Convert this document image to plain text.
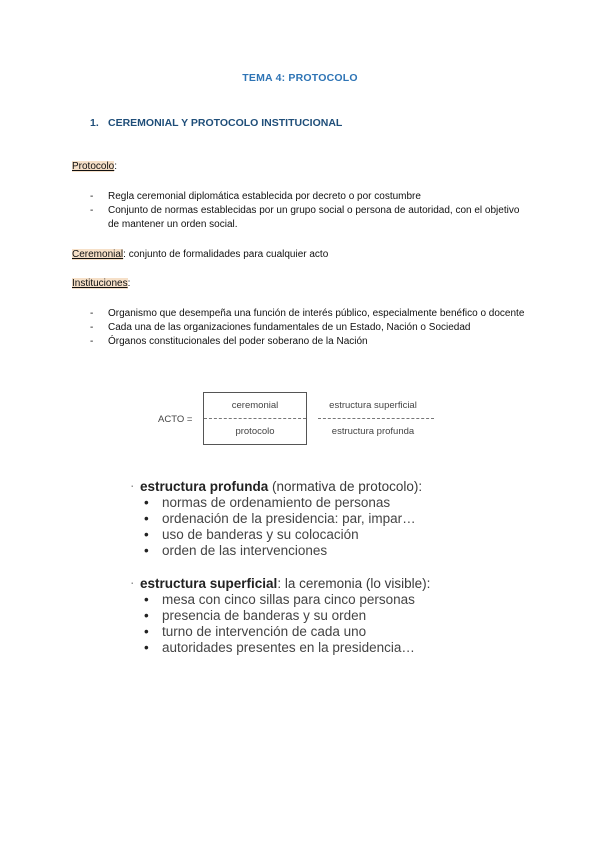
TEMA 4: PROTOCOLO
1. CEREMONIAL Y PROTOCOLO INSTITUCIONAL
Protocolo:
- Regla ceremonial diplomática establecida por decreto o por costumbre
- Conjunto de normas establecidas por un grupo social o persona de autoridad, con el objetivo de mantener un orden social.
Ceremonial: conjunto de formalidades para cualquier acto
Instituciones:
- Organismo que desempeña una función de interés público, especialmente benéfico o docente
- Cada una de las organizaciones fundamentales de un Estado, Nación o Sociedad
- Órganos constitucionales del poder soberano de la Nación
ACTO =
ceremonial
protocolo
estructura superficial
estructura profunda
· estructura profunda (normativa de protocolo):
• normas de ordenamiento de personas
• ordenación de la presidencia: par, impar…
• uso de banderas y su colocación
• orden de las intervenciones
· estructura superficial: la ceremonia (lo visible):
• mesa con cinco sillas para cinco personas
• presencia de banderas y su orden
• turno de intervención de cada uno
• autoridades presentes en la presidencia…
